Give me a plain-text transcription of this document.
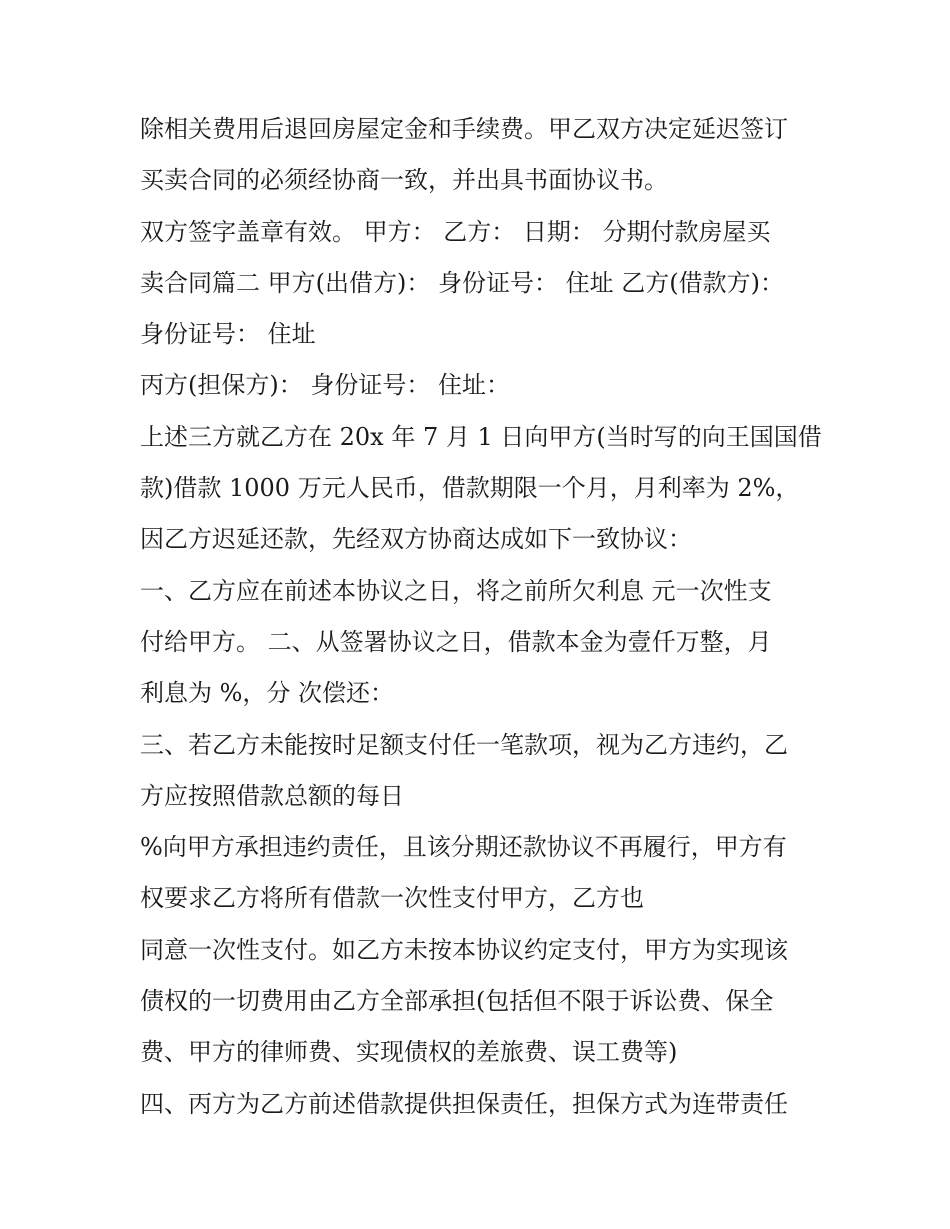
除相关费用后退回房屋定金和手续费。甲乙双方决定延迟签订
买卖合同的必须经协商一致，并出具书面协议书。
双方签字盖章有效。 甲方： 乙方： 日期： 分期付款房屋买
卖合同篇二 甲方(出借方)： 身份证号： 住址 乙方(借款方)：
身份证号： 住址
丙方(担保方)： 身份证号： 住址：
上述三方就乙方在 20x 年 7 月 1 日向甲方(当时写的向王国国借
款)借款 1000 万元人民币，借款期限一个月，月利率为 2%，
因乙方迟延还款，先经双方协商达成如下一致协议：
一、乙方应在前述本协议之日，将之前所欠利息 元一次性支
付给甲方。 二、从签署协议之日，借款本金为壹仟万整，月
利息为 %，分 次偿还：
三、若乙方未能按时足额支付任一笔款项，视为乙方违约，乙
方应按照借款总额的每日
%向甲方承担违约责任，且该分期还款协议不再履行，甲方有
权要求乙方将所有借款一次性支付甲方，乙方也
同意一次性支付。如乙方未按本协议约定支付，甲方为实现该
债权的一切费用由乙方全部承担(包括但不限于诉讼费、保全
费、甲方的律师费、实现债权的差旅费、误工费等)
四、丙方为乙方前述借款提供担保责任，担保方式为连带责任
